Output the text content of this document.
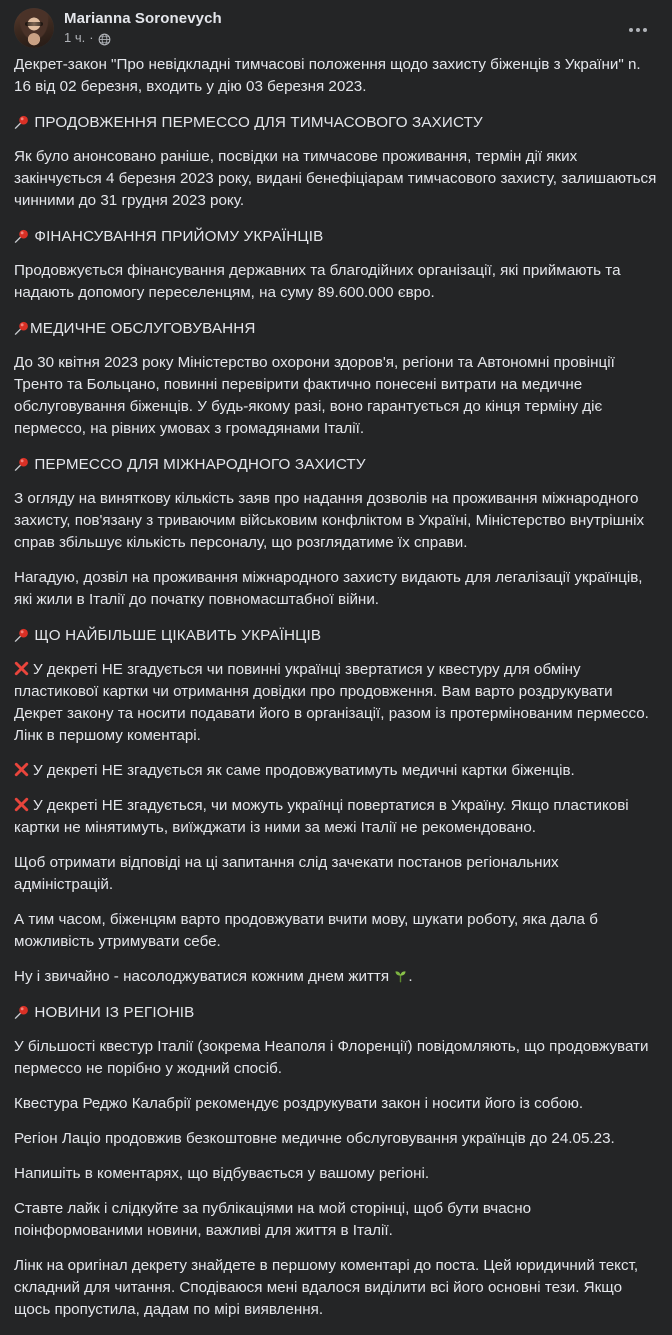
Marianna Soronevych
1 ч. ·
Декрет-закон "Про невідкладні тимчасові положення щодо захисту біженців з України" n. 16 від 02 березня, входить у дію 03 березня 2023.
ПРОДОВЖЕННЯ ПЕРМЕССО ДЛЯ ТИМЧАСОВОГО ЗАХИСТУ
Як було анонсовано раніше, посвідки на тимчасове проживання, термін дії яких закінчується 4 березня 2023 року, видані бенефіціарам тимчасового захисту, залишаються чинними до 31 грудня 2023 року.
ФІНАНСУВАННЯ ПРИЙОМУ УКРАЇНЦІВ
Продовжується фінансування державних та благодійних організації, які приймають та надають допомогу переселенцям, на суму 89.600.000 євро.
МЕДИЧНЕ ОБСЛУГОВУВАННЯ
До 30 квітня 2023 року Міністерство охорони здоров'я, регіони та Автономні провінції Тренто та Больцано, повинні перевірити фактично понесені витрати на медичне обслуговування біженців. У будь-якому разі, воно гарантується до кінця терміну діє пермессо, на рівних умовах з громадянами Італії.
ПЕРМЕССО ДЛЯ МІЖНАРОДНОГО ЗАХИСТУ
З огляду на виняткову кількість заяв про надання дозволів на проживання міжнародного захисту, пов'язану з триваючим військовим конфліктом в Україні, Міністерство внутрішніх справ збільшує кількість персоналу, що розглядатиме їх справи.
Нагадую, дозвіл на проживання міжнародного захисту видають для легалізації українців, які жили в Італії до початку повномасштабної війни.
ЩО НАЙБІЛЬШЕ ЦІКАВИТЬ УКРАЇНЦІВ
У декреті НЕ згадується чи повинні українці звертатися у квестуру для обміну пластикової картки чи отримання довідки про продовження. Вам варто роздрукувати Декрет закону та носити подавати його в організації, разом із протермінованим пермессо. Лінк в першому коментарі.
У декреті НЕ згадується як саме продовжуватимуть медичні картки біженців.
У декреті НЕ згадується, чи можуть українці повертатися в Україну. Якщо пластикові картки не мінятимуть, виїжджати із ними за межі Італії не рекомендовано.
Щоб отримати відповіді на ці запитання слід зачекати постанов регіональних адміністрацій.
А тим часом, біженцям варто продовжувати вчити мову, шукати роботу, яка дала б можливість утримувати себе.
Ну і звичайно - насолоджуватися кожним днем життя .
НОВИНИ ІЗ РЕГІОНІВ
У більшості квестур Італії (зокрема Неаполя і Флоренції) повідомляють, що продовжувати пермессо не порібно у жодний спосіб.
Квестура Реджо Калабрії рекомендує роздрукувати закон і носити його із собою.
Регіон Лаціо продовжив безкоштовне медичне обслуговування українців до 24.05.23.
Напишіть в коментарях, що відбувається у вашому регіоні.
Ставте лайк і слідкуйте за публікаціями на мой сторінці, щоб бути вчасно поінформованими новини, важливі для життя в Італії.
Лінк на оригінал декрету знайдете в першому коментарі до поста. Цей юридичний текст, складний для читання. Сподіваюся мені вдалося виділити всі його основні тези. Якщо щось пропустила, дадам по мірі виявлення.
